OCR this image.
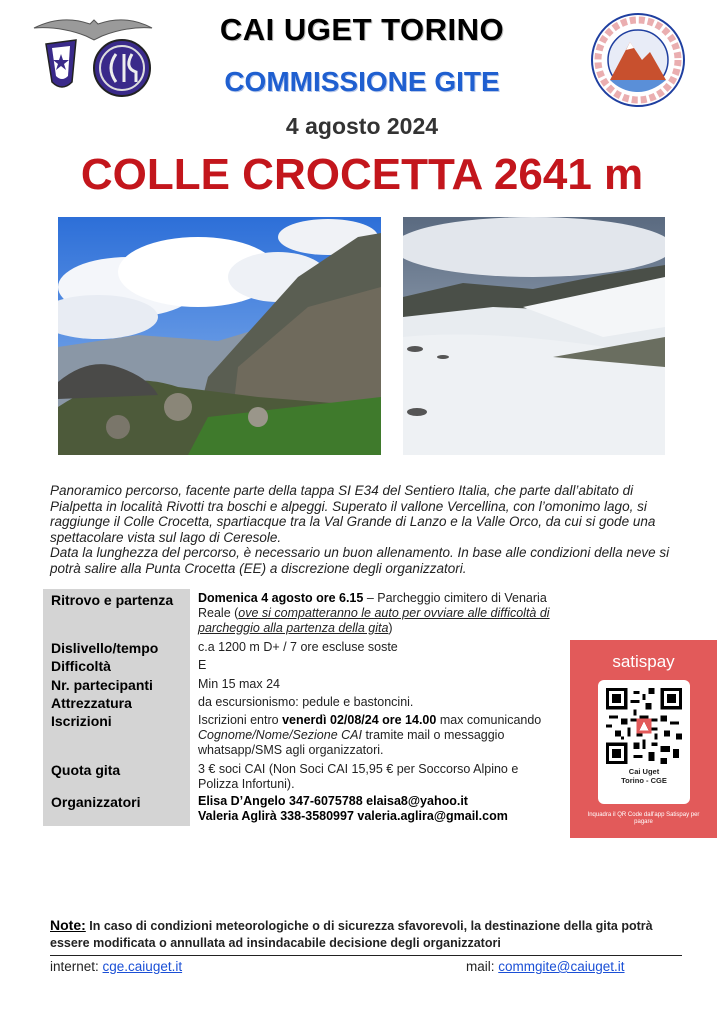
CAI UGET TORINO
COMMISSIONE GITE
4 agosto 2024
COLLE CROCETTA 2641 m

Panoramico percorso, facente parte della tappa SI E34 del Sentiero Italia, che parte dall’abitato di Pialpetta in località Rivotti tra boschi e alpeggi. Superato il vallone Vercellina, con l’omonimo lago, si raggiunge il Colle Crocetta, spartiacque tra la Val Grande di Lanzo e la Valle Orco, da cui si gode una spettacolare vista sul lago di Ceresole.

Data la lunghezza del percorso, è necessario un buon allenamento. In base alle condizioni della neve si potrà salire alla Punta Crocetta (EE) a discrezione degli organizzatori.

Ritrovo e partenza
Dislivello/tempo
Difficoltà
Nr. partecipanti
Attrezzatura
Iscrizioni
Quota gita
Organizzatori
Domenica 4 agosto ore 6.15 – Parcheggio cimitero di Venaria Reale (ove si compatteranno le auto per ovviare alle difficoltà di parcheggio alla partenza della gita)
c.a 1200 m D+ / 7 ore escluse soste
E
Min 15 max 24
da escursionismo: pedule e bastoncini.
Iscrizioni entro venerdì 02/08/24 ore 14.00 max comunicando Cognome/Nome/Sezione CAI tramite mail o messaggio whatsapp/SMS agli organizzatori.
3 € soci CAI (Non Soci CAI 15,95 € per Soccorso Alpino e Polizza Infortuni).
Elisa D’Angelo 347-6075788 elaisa8@yahoo.it
Valeria Aglirà 338-3580997 valeria.aglira@gmail.com
satispay
Cai Uget
Torino - CGE
Inquadra il QR Code dall'app Satispay per pagare
Note: In caso di condizioni meteorologiche o di sicurezza sfavorevoli, la destinazione della gita potrà essere modificata o annullata ad insindacabile decisione degli organizzatori
internet: cge.caiuget.it	mail: commgite@caiuget.it
